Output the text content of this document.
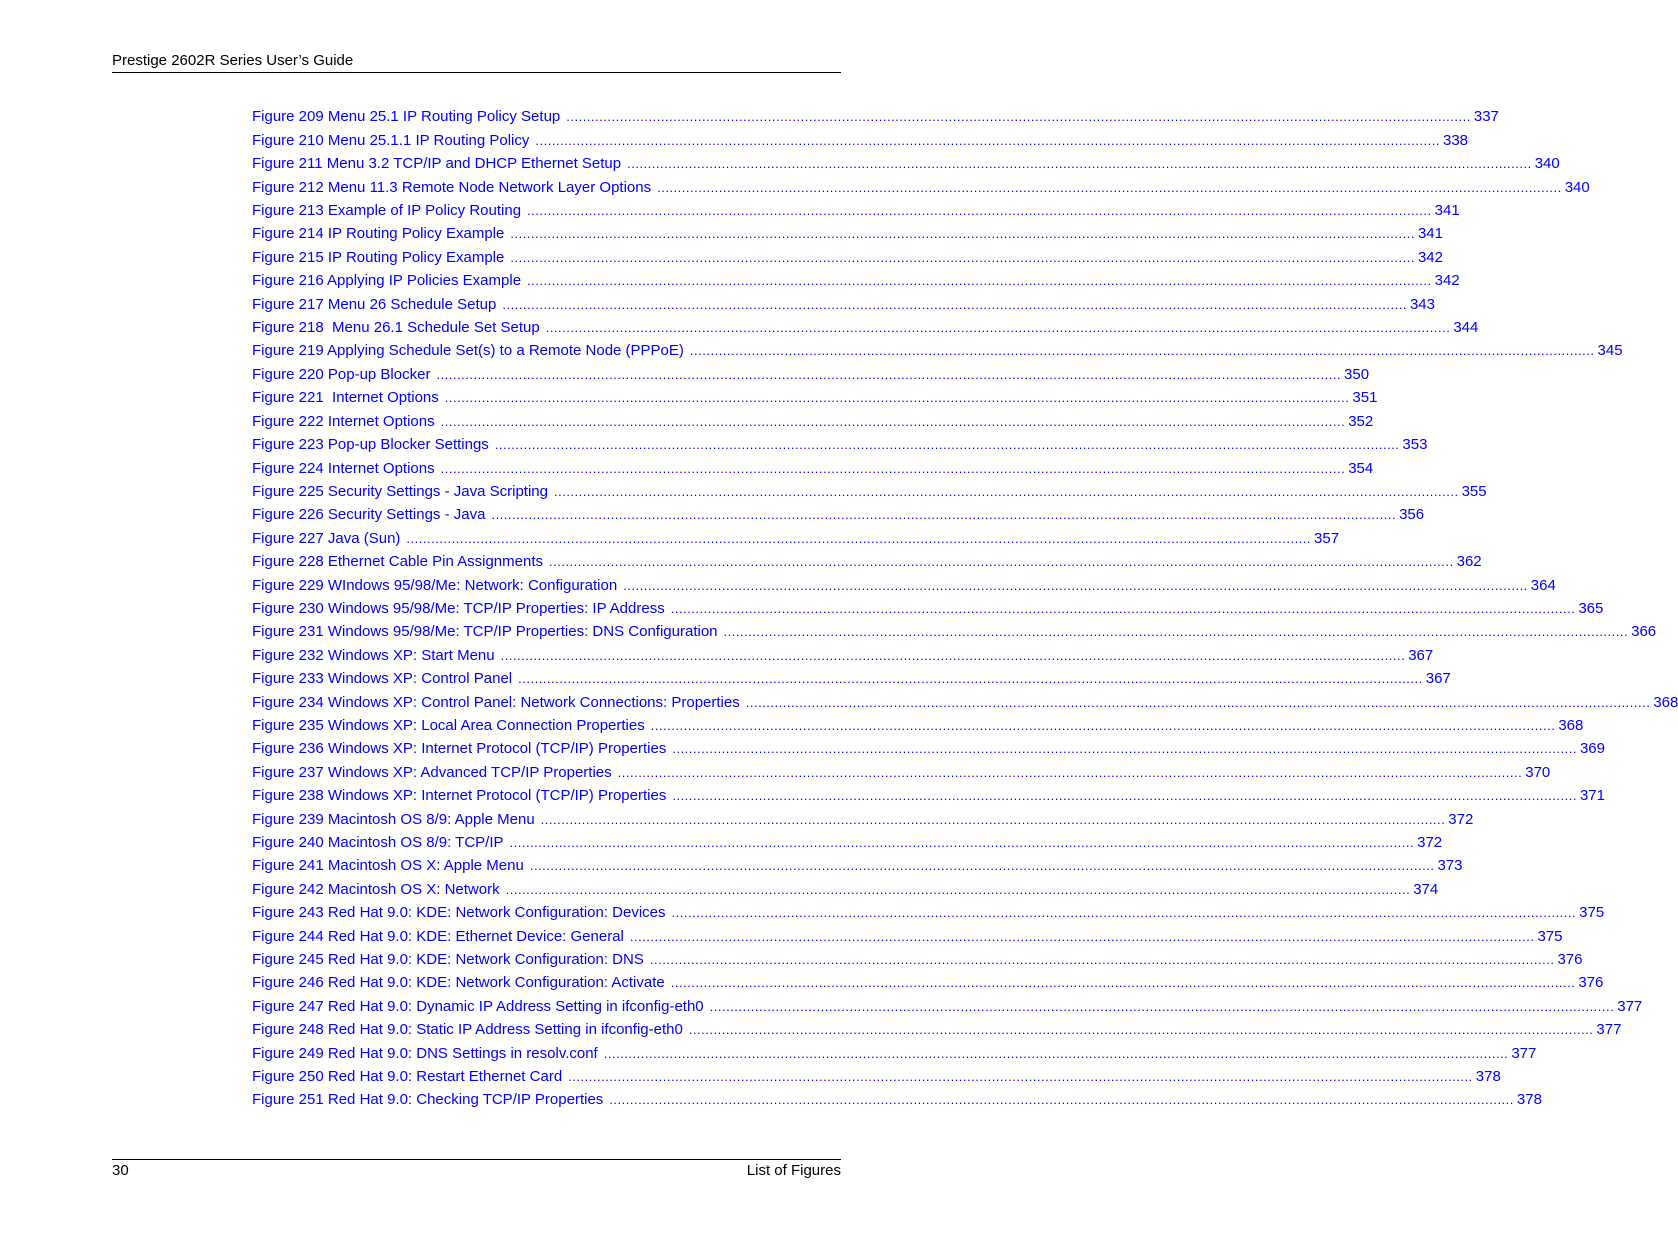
Prestige 2602R Series User’s Guide
Figure 209 Menu 25.1 IP Routing Policy Setup ............................................................................................................................................................................................................................ 337
Figure 210 Menu 25.1.1 IP Routing Policy ............................................................................................................................................................................................................................ 338
Figure 211 Menu 3.2 TCP/IP and DHCP Ethernet Setup ............................................................................................................................................................................................................................ 340
Figure 212 Menu 11.3 Remote Node Network Layer Options ............................................................................................................................................................................................................................ 340
Figure 213 Example of IP Policy Routing ............................................................................................................................................................................................................................ 341
Figure 214 IP Routing Policy Example ............................................................................................................................................................................................................................ 341
Figure 215 IP Routing Policy Example ............................................................................................................................................................................................................................ 342
Figure 216 Applying IP Policies Example ............................................................................................................................................................................................................................ 342
Figure 217 Menu 26 Schedule Setup ............................................................................................................................................................................................................................ 343
Figure 218  Menu 26.1 Schedule Set Setup ............................................................................................................................................................................................................................ 344
Figure 219 Applying Schedule Set(s) to a Remote Node (PPPoE) ............................................................................................................................................................................................................................ 345
Figure 220 Pop-up Blocker ............................................................................................................................................................................................................................ 350
Figure 221  Internet Options ............................................................................................................................................................................................................................ 351
Figure 222 Internet Options ............................................................................................................................................................................................................................ 352
Figure 223 Pop-up Blocker Settings ............................................................................................................................................................................................................................ 353
Figure 224 Internet Options ............................................................................................................................................................................................................................ 354
Figure 225 Security Settings - Java Scripting ............................................................................................................................................................................................................................ 355
Figure 226 Security Settings - Java ............................................................................................................................................................................................................................ 356
Figure 227 Java (Sun) ............................................................................................................................................................................................................................ 357
Figure 228 Ethernet Cable Pin Assignments ............................................................................................................................................................................................................................ 362
Figure 229 WIndows 95/98/Me: Network: Configuration ............................................................................................................................................................................................................................ 364
Figure 230 Windows 95/98/Me: TCP/IP Properties: IP Address ............................................................................................................................................................................................................................ 365
Figure 231 Windows 95/98/Me: TCP/IP Properties: DNS Configuration ............................................................................................................................................................................................................................ 366
Figure 232 Windows XP: Start Menu ............................................................................................................................................................................................................................ 367
Figure 233 Windows XP: Control Panel ............................................................................................................................................................................................................................ 367
Figure 234 Windows XP: Control Panel: Network Connections: Properties ............................................................................................................................................................................................................................ 368
Figure 235 Windows XP: Local Area Connection Properties ............................................................................................................................................................................................................................ 368
Figure 236 Windows XP: Internet Protocol (TCP/IP) Properties ............................................................................................................................................................................................................................ 369
Figure 237 Windows XP: Advanced TCP/IP Properties ............................................................................................................................................................................................................................ 370
Figure 238 Windows XP: Internet Protocol (TCP/IP) Properties ............................................................................................................................................................................................................................ 371
Figure 239 Macintosh OS 8/9: Apple Menu ............................................................................................................................................................................................................................ 372
Figure 240 Macintosh OS 8/9: TCP/IP ............................................................................................................................................................................................................................ 372
Figure 241 Macintosh OS X: Apple Menu ............................................................................................................................................................................................................................ 373
Figure 242 Macintosh OS X: Network ............................................................................................................................................................................................................................ 374
Figure 243 Red Hat 9.0: KDE: Network Configuration: Devices ............................................................................................................................................................................................................................ 375
Figure 244 Red Hat 9.0: KDE: Ethernet Device: General ............................................................................................................................................................................................................................ 375
Figure 245 Red Hat 9.0: KDE: Network Configuration: DNS ............................................................................................................................................................................................................................ 376
Figure 246 Red Hat 9.0: KDE: Network Configuration: Activate ............................................................................................................................................................................................................................ 376
Figure 247 Red Hat 9.0: Dynamic IP Address Setting in ifconfig-eth0 ............................................................................................................................................................................................................................ 377
Figure 248 Red Hat 9.0: Static IP Address Setting in ifconfig-eth0 ............................................................................................................................................................................................................................ 377
Figure 249 Red Hat 9.0: DNS Settings in resolv.conf ............................................................................................................................................................................................................................ 377
Figure 250 Red Hat 9.0: Restart Ethernet Card ............................................................................................................................................................................................................................ 378
Figure 251 Red Hat 9.0: Checking TCP/IP Properties ............................................................................................................................................................................................................................ 378
30	List of Figures
